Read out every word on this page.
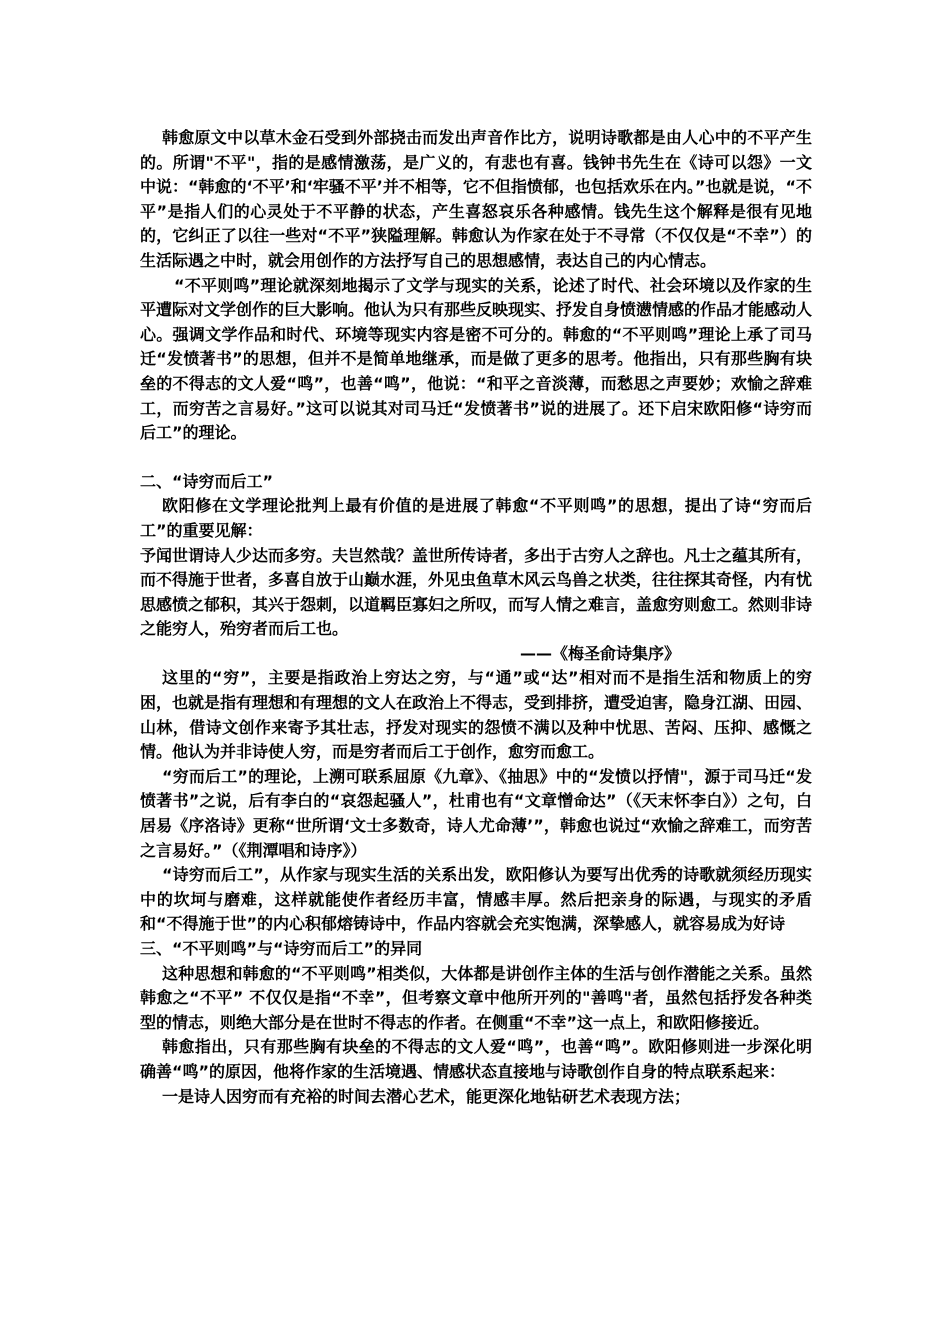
韩愈原文中以草木金石受到外部挠击而发出声音作比方，说明诗歌都是由人心中的不平产生的。所谓"不平"，指的是感情激荡，是广义的，有悲也有喜。钱钟书先生在《诗可以怨》一文中说：“韩愈的‘不平’和‘牢骚不平’并不相等，它不但指愤郁，也包括欢乐在内。”也就是说，“不平”是指人们的心灵处于不平静的状态，产生喜怒哀乐各种感情。钱先生这个解释是很有见地的，它纠正了以往一些对“不平”狭隘理解。韩愈认为作家在处于不寻常（不仅仅是“不幸”）的生活际遇之中时，就会用创作的方法抒写自己的思想感情，表达自己的内心情志。

“不平则鸣”理论就深刻地揭示了文学与现实的关系，论述了时代、社会环境以及作家的生平遭际对文学创作的巨大影响。他认为只有那些反映现实、抒发自身愤懑情感的作品才能感动人心。强调文学作品和时代、环境等现实内容是密不可分的。韩愈的“不平则鸣”理论上承了司马迁“发愤著书”的思想，但并不是简单地继承，而是做了更多的思考。他指出，只有那些胸有块垒的不得志的文人爱“鸣”，也善“鸣”，他说：“和平之音淡薄，而愁思之声要妙；欢愉之辞难工，而穷苦之言易好。”这可以说其对司马迁“发愤著书”说的进展了。还下启宋欧阳修“诗穷而后工”的理论。

二、“诗穷而后工”

欧阳修在文学理论批判上最有价值的是进展了韩愈“不平则鸣”的思想，提出了诗“穷而后工”的重要见解：

予闻世谓诗人少达而多穷。夫岂然哉？盖世所传诗者，多出于古穷人之辞也。凡士之蕴其所有，而不得施于世者，多喜自放于山巅水涯，外见虫鱼草木风云鸟兽之状类，往往探其奇怪，内有忧思感愤之郁积，其兴于怨刺，以道羁臣寡妇之所叹，而写人情之难言，盖愈穷则愈工。然则非诗之能穷人，殆穷者而后工也。

——《梅圣俞诗集序》

这里的“穷”，主要是指政治上穷达之穷，与“通”或“达”相对而不是指生活和物质上的穷困，也就是指有理想和有理想的文人在政治上不得志，受到排挤，遭受迫害，隐身江湖、田园、山林，借诗文创作来寄予其壮志，抒发对现实的怨愤不满以及种中忧思、苦闷、压抑、感慨之情。他认为并非诗使人穷，而是穷者而后工于创作，愈穷而愈工。

“穷而后工”的理论，上溯可联系屈原《九章》、《抽思》中的“发愤以抒情"，源于司马迁“发愤著书”之说，后有李白的“哀怨起骚人”，杜甫也有“文章憎命达”（《天末怀李白》）之句，白居易《序洛诗》更称“世所谓‘文士多数奇，诗人尤命薄’”，韩愈也说过“欢愉之辞难工，而穷苦之言易好。”（《荆潭唱和诗序》）

“诗穷而后工”，从作家与现实生活的关系出发，欧阳修认为要写出优秀的诗歌就须经历现实中的坎坷与磨难，这样就能使作者经历丰富，情感丰厚。然后把亲身的际遇，与现实的矛盾和“不得施于世”的内心积郁熔铸诗中，作品内容就会充实饱满，深挚感人，就容易成为好诗

三、“不平则鸣”与“诗穷而后工”的异同

这种思想和韩愈的“不平则鸣”相类似，大体都是讲创作主体的生活与创作潜能之关系。虽然韩愈之“不平” 不仅仅是指“不幸”，但考察文章中他所开列的"善鸣"者，虽然包括抒发各种类型的情志，则绝大部分是在世时不得志的作者。在侧重“不幸”这一点上，和欧阳修接近。

韩愈指出，只有那些胸有块垒的不得志的文人爱“鸣”，也善“鸣”。欧阳修则进一步深化明确善“鸣”的原因，他将作家的生活境遇、情感状态直接地与诗歌创作自身的特点联系起来：

一是诗人因穷而有充裕的时间去潜心艺术，能更深化地钻研艺术表现方法；
